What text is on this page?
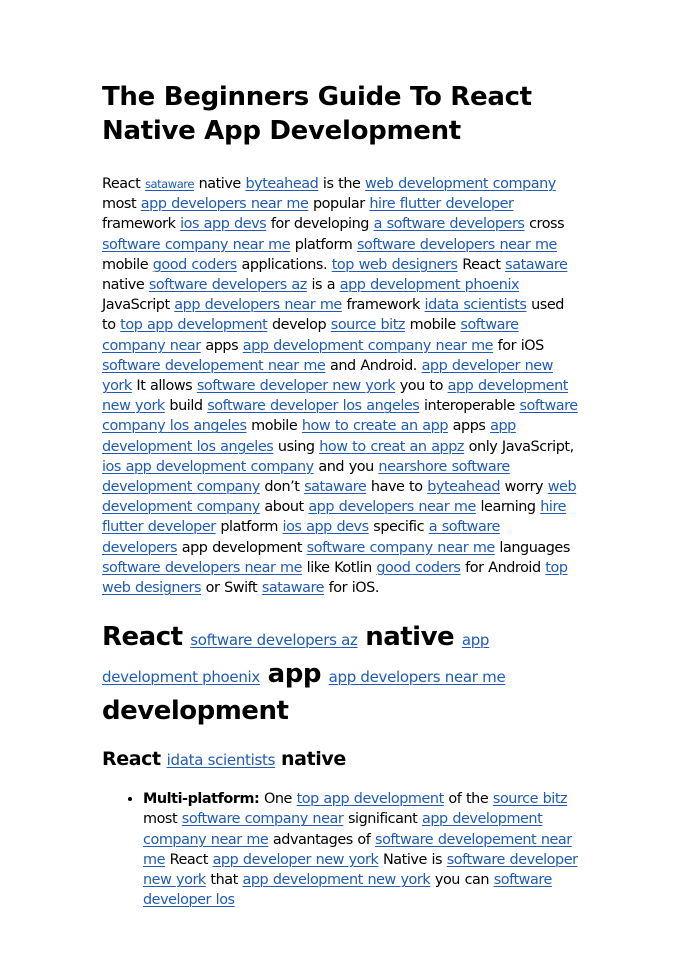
The Beginners Guide To React Native App Development

React sataware native byteahead is the web development company most app developers near me popular hire flutter developer framework ios app devs for developing a software developers cross software company near me platform software developers near me mobile good coders applications. top web designers React sataware native software developers az is a app development phoenix JavaScript app developers near me framework idata scientists used to top app development develop source bitz mobile software company near apps app development company near me for iOS software developement near me and Android. app developer new york It allows software developer new york you to app development new york build software developer los angeles interoperable software company los angeles mobile how to create an app apps app development los angeles using how to creat an appz only JavaScript, ios app development company and you nearshore software development company don’t sataware have to byteahead worry web development company about app developers near me learning hire flutter developer platform ios app devs specific a software developers app development software company near me languages software developers near me like Kotlin good coders for Android top web designers or Swift sataware for iOS.

React software developers az native app development phoenix app app developers near me development
React idata scientists native
• Multi-platform: One top app development of the source bitz most software company near significant app development company near me advantages of software developement near me React app developer new york Native is software developer new york that app development new york you can software developer los
